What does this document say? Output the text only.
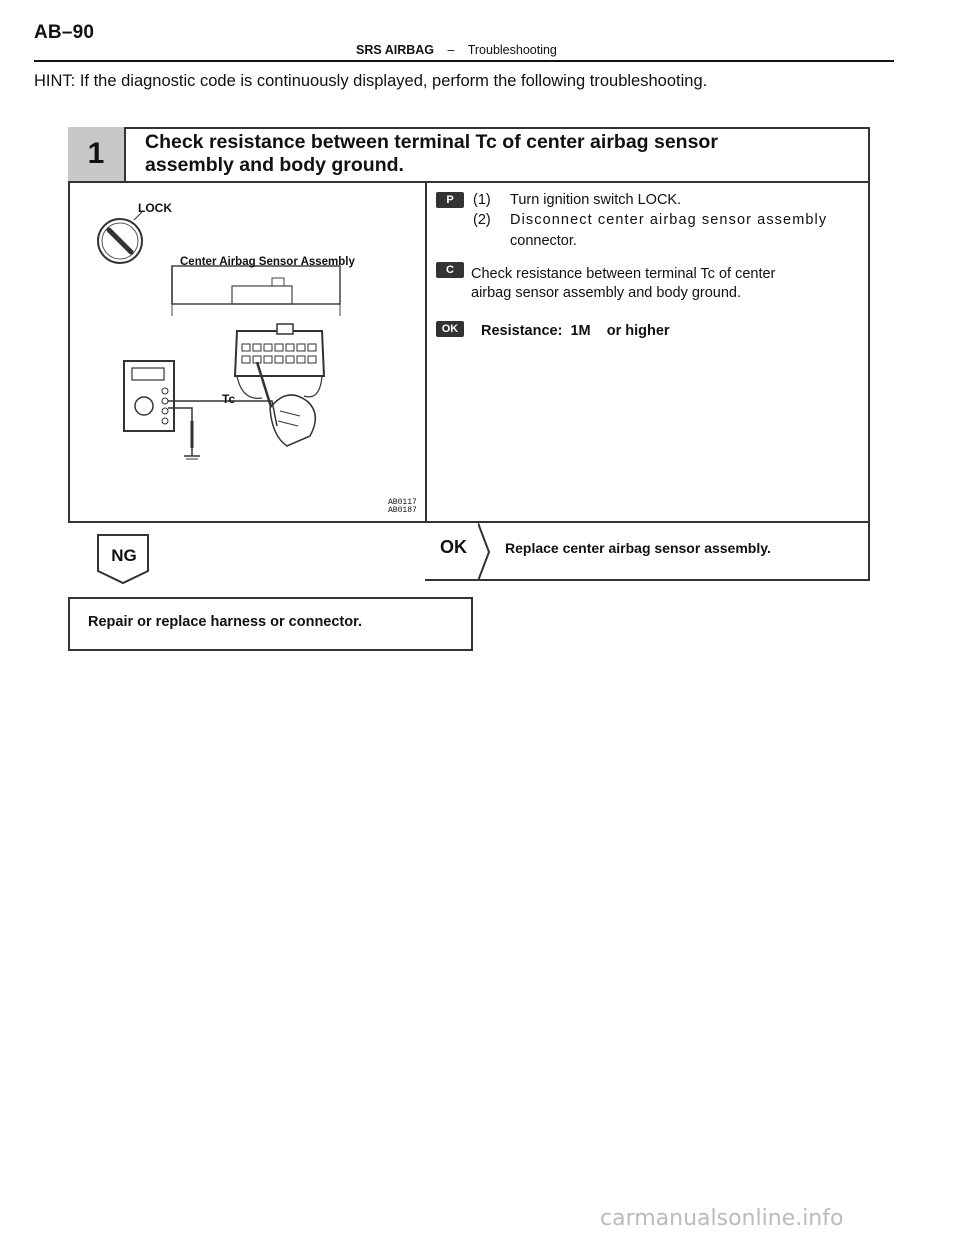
AB–90
SRS AIRBAG – Troubleshooting
HINT: If the diagnostic code is continuously displayed, perform the following troubleshooting.
1	Check resistance between terminal Tc of center airbag sensor
assembly and body ground.
LOCK
Center Airbag Sensor Assembly
Tc
AB0117
AB0187
P	(1) Turn ignition switch LOCK.
(2) Disconnect center airbag sensor assembly
connector.
C	Check resistance between terminal Tc of center
airbag sensor assembly and body ground.
OK	Resistance:  1M    or higher
OK	Replace center airbag sensor assembly.
NG
Repair or replace harness or connector.
carmanualsonline.info
